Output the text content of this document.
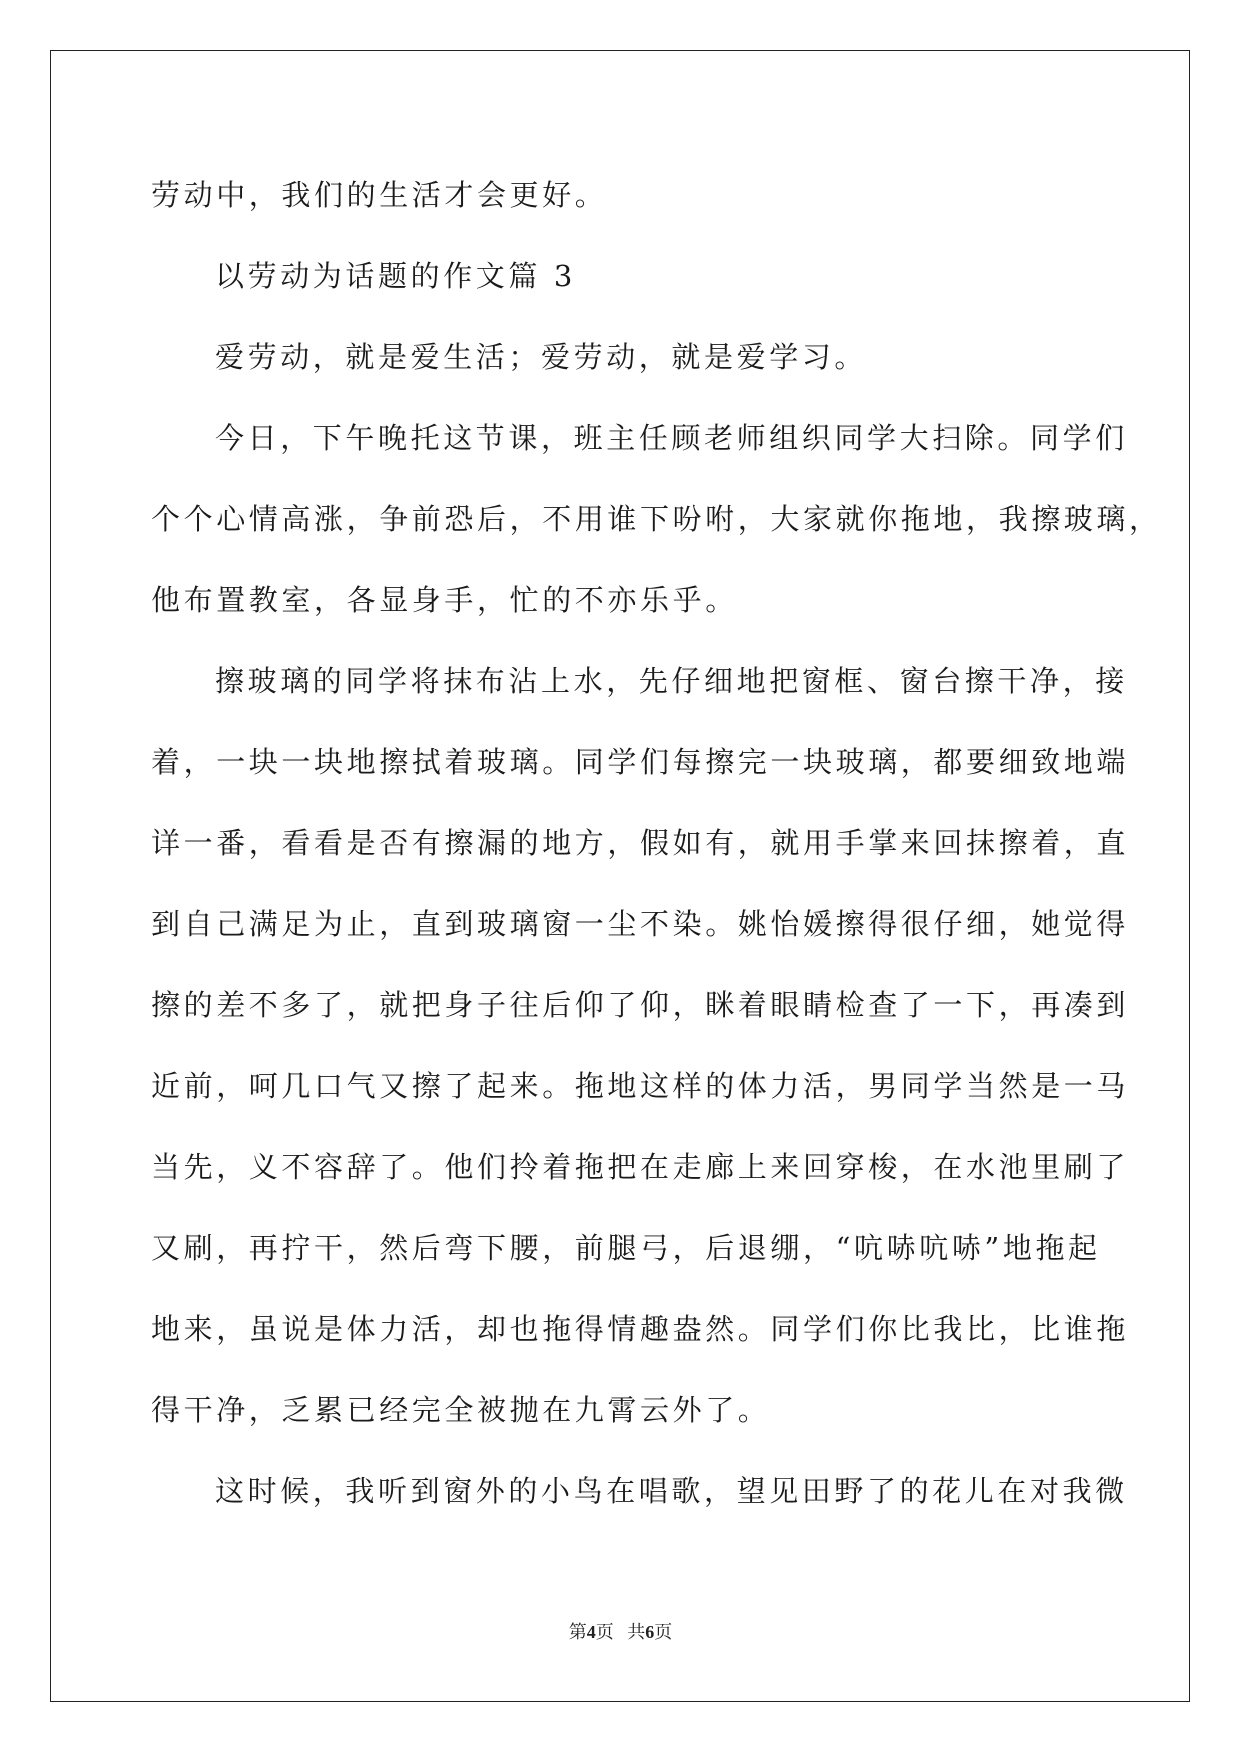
劳动中，我们的生活才会更好。
以劳动为话题的作文篇 3
爱劳动，就是爱生活；爱劳动，就是爱学习。
今日，下午晚托这节课，班主任顾老师组织同学大扫除。同学们
个个心情高涨，争前恐后，不用谁下吩咐，大家就你拖地，我擦玻璃，
他布置教室，各显身手，忙的不亦乐乎。
擦玻璃的同学将抹布沾上水，先仔细地把窗框、窗台擦干净，接
着，一块一块地擦拭着玻璃。同学们每擦完一块玻璃，都要细致地端
详一番，看看是否有擦漏的地方，假如有，就用手掌来回抹擦着，直
到自己满足为止，直到玻璃窗一尘不染。姚怡媛擦得很仔细，她觉得
擦的差不多了，就把身子往后仰了仰，眯着眼睛检查了一下，再凑到
近前，呵几口气又擦了起来。拖地这样的体力活，男同学当然是一马
当先，义不容辞了。他们拎着拖把在走廊上来回穿梭，在水池里刷了
又刷，再拧干，然后弯下腰，前腿弓，后退绷，“吭哧吭哧”地拖起
地来，虽说是体力活，却也拖得情趣盎然。同学们你比我比，比谁拖
得干净，乏累已经完全被抛在九霄云外了。
这时候，我听到窗外的小鸟在唱歌，望见田野了的花儿在对我微
第4页 共6页
